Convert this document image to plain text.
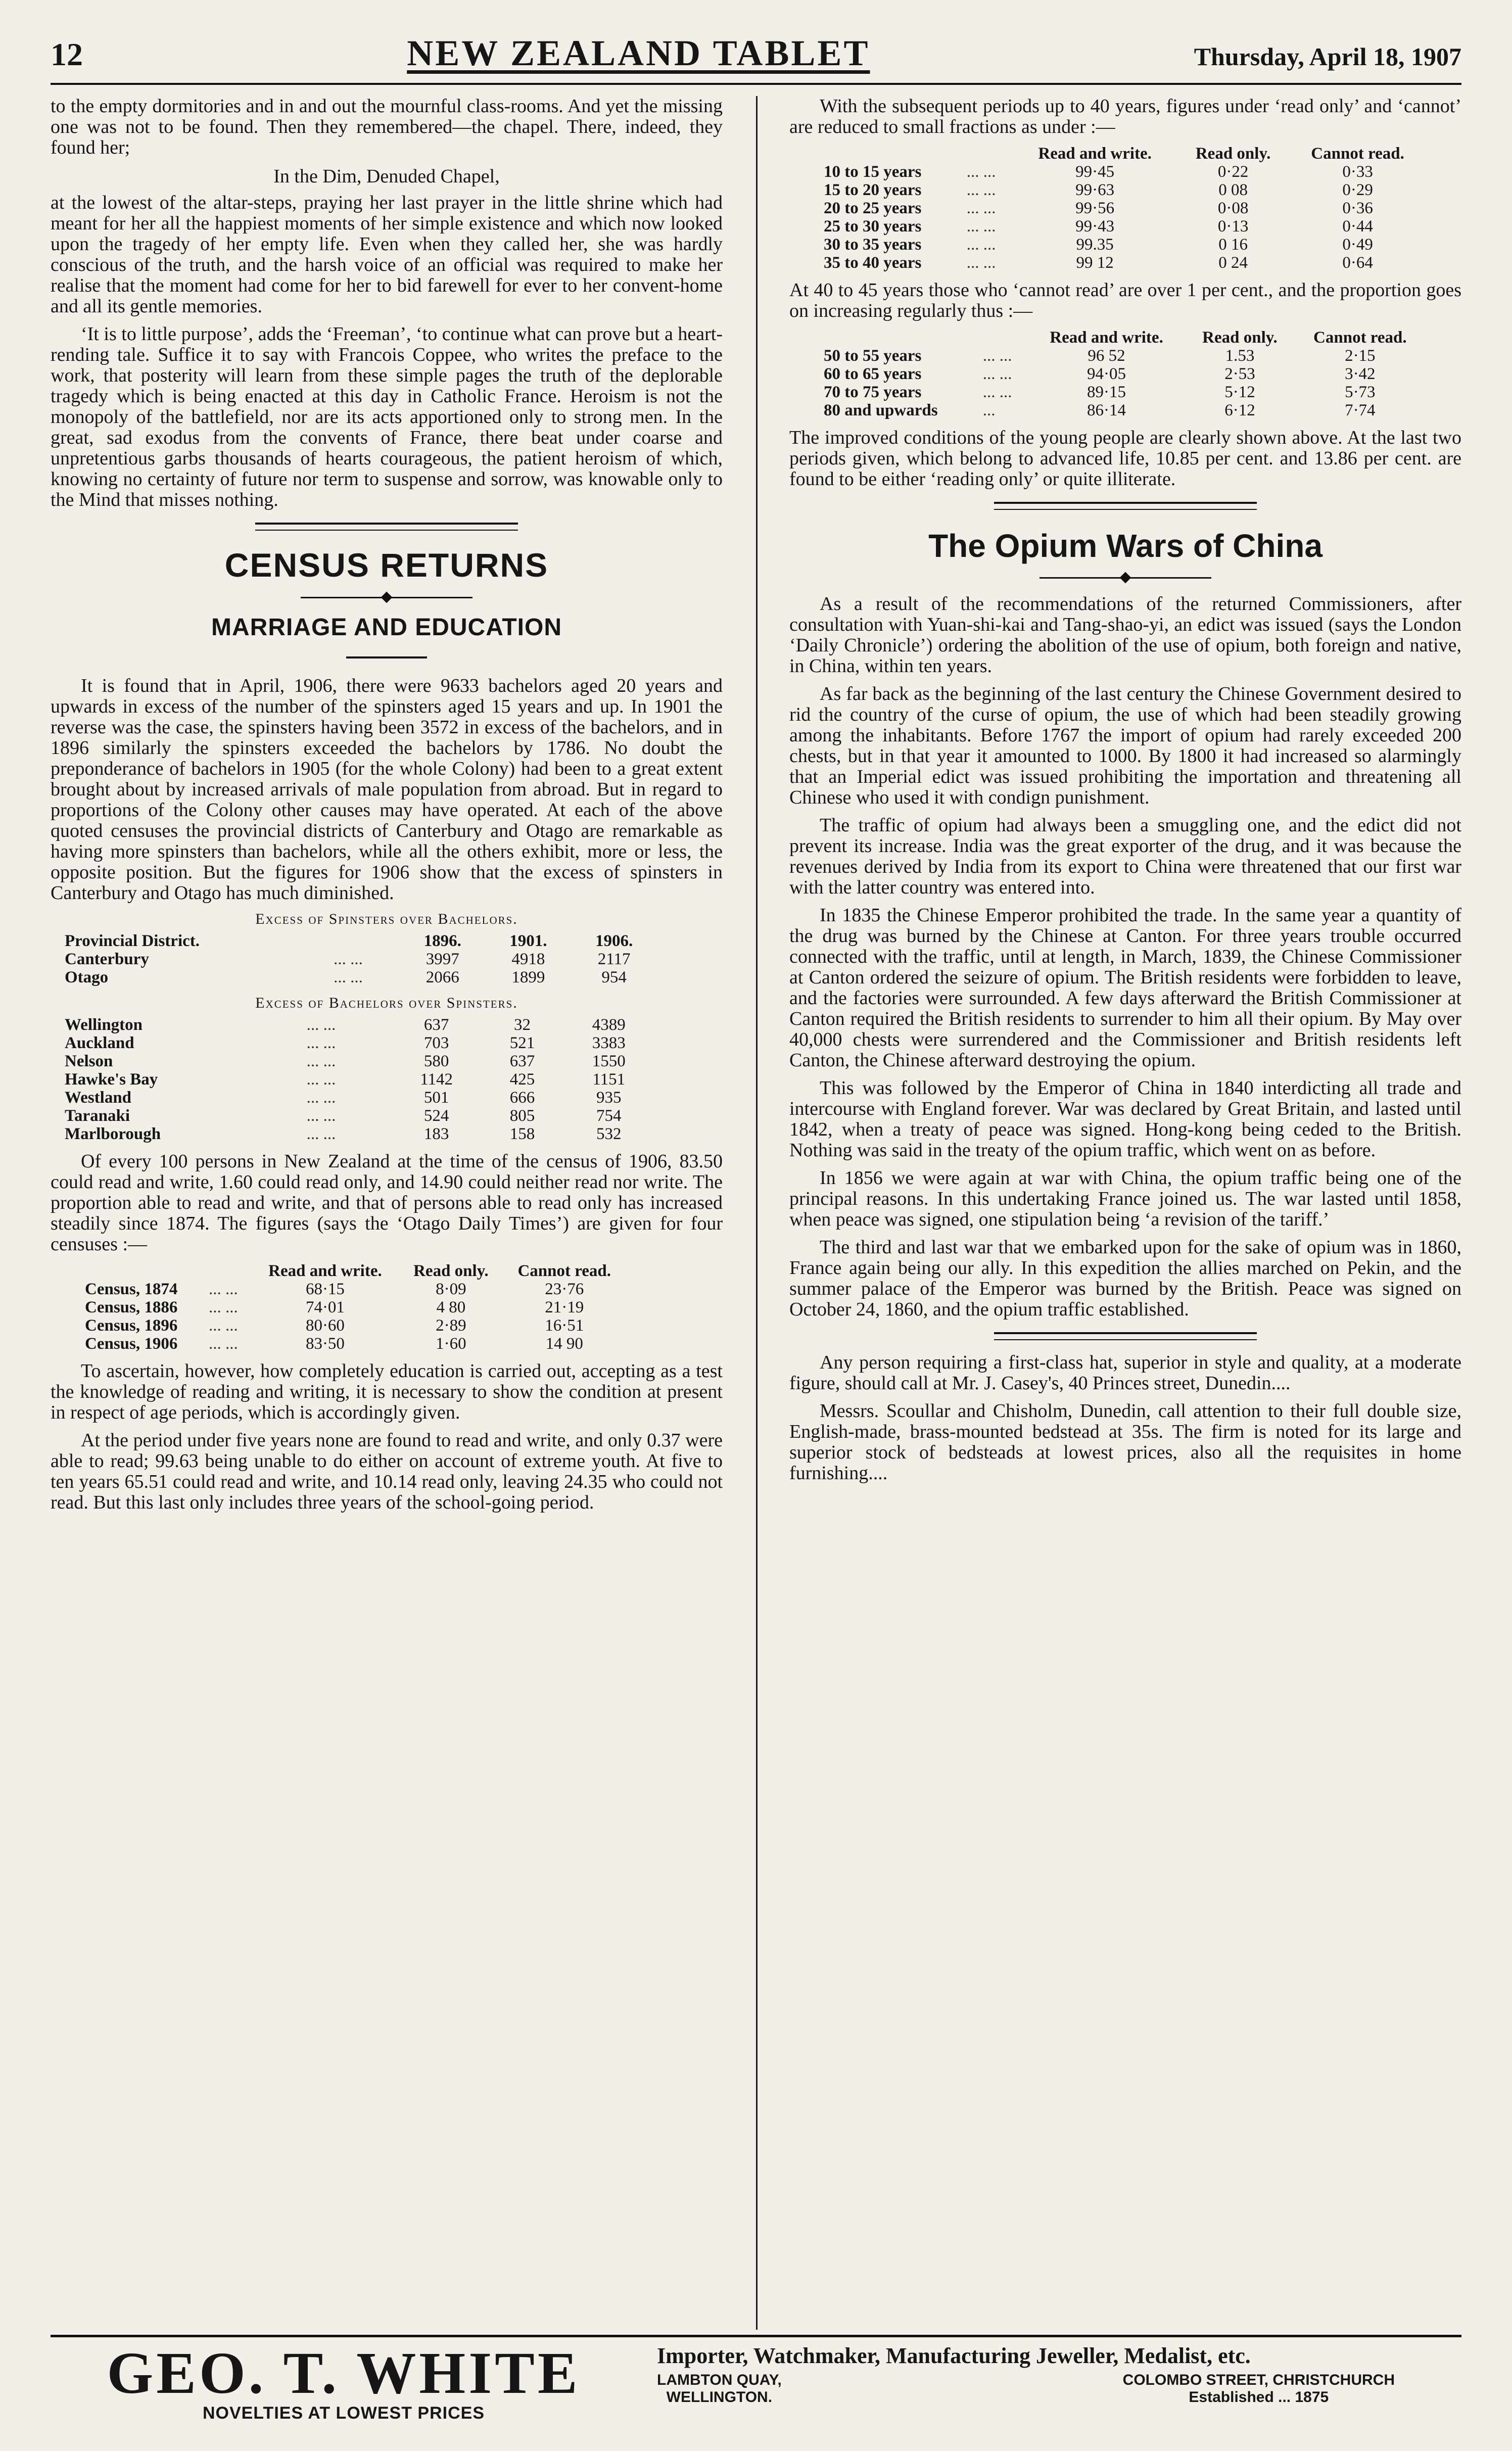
12	NEW ZEALAND TABLET	Thursday, April 18, 1907

to the empty dormitories and in and out the mournful class-rooms. And yet the missing one was not to be found. Then they remembered—the chapel. There, indeed, they found her;

In the Dim, Denuded Chapel,

at the lowest of the altar-steps, praying her last prayer in the little shrine which had meant for her all the happiest moments of her simple existence and which now looked upon the tragedy of her empty life. Even when they called her, she was hardly conscious of the truth, and the harsh voice of an official was required to make her realise that the moment had come for her to bid farewell for ever to her convent-home and all its gentle memories.

‘It is to little purpose’, adds the ‘Freeman’, ‘to continue what can prove but a heart-rending tale. Suffice it to say with Francois Coppee, who writes the preface to the work, that posterity will learn from these simple pages the truth of the deplorable tragedy which is being enacted at this day in Catholic France. Heroism is not the monopoly of the battlefield, nor are its acts apportioned only to strong men. In the great, sad exodus from the convents of France, there beat under coarse and unpretentious garbs thousands of hearts courageous, the patient heroism of which, knowing no certainty of future nor term to suspense and sorrow, was knowable only to the Mind that misses nothing.

CENSUS RETURNS
MARRIAGE AND EDUCATION

It is found that in April, 1906, there were 9633 bachelors aged 20 years and upwards in excess of the number of the spinsters aged 15 years and up. In 1901 the reverse was the case, the spinsters having been 3572 in excess of the bachelors, and in 1896 similarly the spinsters exceeded the bachelors by 1786. No doubt the preponderance of bachelors in 1905 (for the whole Colony) had been to a great extent brought about by increased arrivals of male population from abroad. But in regard to proportions of the Colony other causes may have operated. At each of the above quoted censuses the provincial districts of Canterbury and Otago are remarkable as having more spinsters than bachelors, while all the others exhibit, more or less, the opposite position. But the figures for 1906 show that the excess of spinsters in Canterbury and Otago has much diminished.

Excess of Spinsters over Bachelors.
Provincial District.		1896.	1901.	1906.
Canterbury	... ...	3997	4918	2117
Otago	... ...	2066	1899	954
Excess of Bachelors over Spinsters.
Wellington	... ...	637	32	4389
Auckland	... ...	703	521	3383
Nelson	... ...	580	637	1550
Hawke's Bay	... ...	1142	425	1151
Westland	... ...	501	666	935
Taranaki	... ...	524	805	754
Marlborough	... ...	183	158	532

Of every 100 persons in New Zealand at the time of the census of 1906, 83.50 could read and write, 1.60 could read only, and 14.90 could neither read nor write. The proportion able to read and write, and that of persons able to read only has increased steadily since 1874. The figures (says the ‘Otago Daily Times’) are given for four censuses :—

		Read and write.	Read only.	Cannot read.
Census, 1874	... ...	68·15	8·09	23·76
Census, 1886	... ...	74·01	4 80	21·19
Census, 1896	... ...	80·60	2·89	16·51
Census, 1906	... ...	83·50	1·60	14 90

To ascertain, however, how completely education is carried out, accepting as a test the knowledge of reading and writing, it is necessary to show the condition at present in respect of age periods, which is accordingly given.

At the period under five years none are found to read and write, and only 0.37 were able to read; 99.63 being unable to do either on account of extreme youth. At five to ten years 65.51 could read and write, and 10.14 read only, leaving 24.35 who could not read. But this last only includes three years of the school-going period.

With the subsequent periods up to 40 years, figures under ‘read only’ and ‘cannot’ are reduced to small fractions as under :—

		Read and write.	Read only.	Cannot read.
10 to 15 years	... ...	99·45	0·22	0·33
15 to 20 years	... ...	99·63	0 08	0·29
20 to 25 years	... ...	99·56	0·08	0·36
25 to 30 years	... ...	99·43	0·13	0·44
30 to 35 years	... ...	99.35	0 16	0·49
35 to 40 years	... ...	99 12	0 24	0·64

At 40 to 45 years those who ‘cannot read’ are over 1 per cent., and the proportion goes on increasing regularly thus :—

		Read and write.	Read only.	Cannot read.
50 to 55 years	... ...	96 52	1.53	2·15
60 to 65 years	... ...	94·05	2·53	3·42
70 to 75 years	... ...	89·15	5·12	5·73
80 and upwards	...	86·14	6·12	7·74

The improved conditions of the young people are clearly shown above. At the last two periods given, which belong to advanced life, 10.85 per cent. and 13.86 per cent. are found to be either ‘reading only’ or quite illiterate.

The Opium Wars of China

As a result of the recommendations of the returned Commissioners, after consultation with Yuan-shi-kai and Tang-shao-yi, an edict was issued (says the London ‘Daily Chronicle’) ordering the abolition of the use of opium, both foreign and native, in China, within ten years.

As far back as the beginning of the last century the Chinese Government desired to rid the country of the curse of opium, the use of which had been steadily growing among the inhabitants. Before 1767 the import of opium had rarely exceeded 200 chests, but in that year it amounted to 1000. By 1800 it had increased so alarmingly that an Imperial edict was issued prohibiting the importation and threatening all Chinese who used it with condign punishment.

The traffic of opium had always been a smuggling one, and the edict did not prevent its increase. India was the great exporter of the drug, and it was because the revenues derived by India from its export to China were threatened that our first war with the latter country was entered into.

In 1835 the Chinese Emperor prohibited the trade. In the same year a quantity of the drug was burned by the Chinese at Canton. For three years trouble occurred connected with the traffic, until at length, in March, 1839, the Chinese Commissioner at Canton ordered the seizure of opium. The British residents were forbidden to leave, and the factories were surrounded. A few days afterward the British Commissioner at Canton required the British residents to surrender to him all their opium. By May over 40,000 chests were surrendered and the Commissioner and British residents left Canton, the Chinese afterward destroying the opium.

This was followed by the Emperor of China in 1840 interdicting all trade and intercourse with England forever. War was declared by Great Britain, and lasted until 1842, when a treaty of peace was signed. Hong-kong being ceded to the British. Nothing was said in the treaty of the opium traffic, which went on as before.

In 1856 we were again at war with China, the opium traffic being one of the principal reasons. In this undertaking France joined us. The war lasted until 1858, when peace was signed, one stipulation being ‘a revision of the tariff.’

The third and last war that we embarked upon for the sake of opium was in 1860, France again being our ally. In this expedition the allies marched on Pekin, and the summer palace of the Emperor was burned by the British. Peace was signed on October 24, 1860, and the opium traffic established.

Any person requiring a first-class hat, superior in style and quality, at a moderate figure, should call at Mr. J. Casey's, 40 Princes street, Dunedin....

Messrs. Scoullar and Chisholm, Dunedin, call attention to their full double size, English-made, brass-mounted bedstead at 35s. The firm is noted for its large and superior stock of bedsteads at lowest prices, also all the requisites in home furnishing....

GEO. T. WHITE
NOVELTIES AT LOWEST PRICES
Importer, Watchmaker, Manufacturing Jeweller, Medalist, etc.
LAMBTON QUAY,
WELLINGTON.
COLOMBO STREET, CHRISTCHURCH
Established ... 1875
